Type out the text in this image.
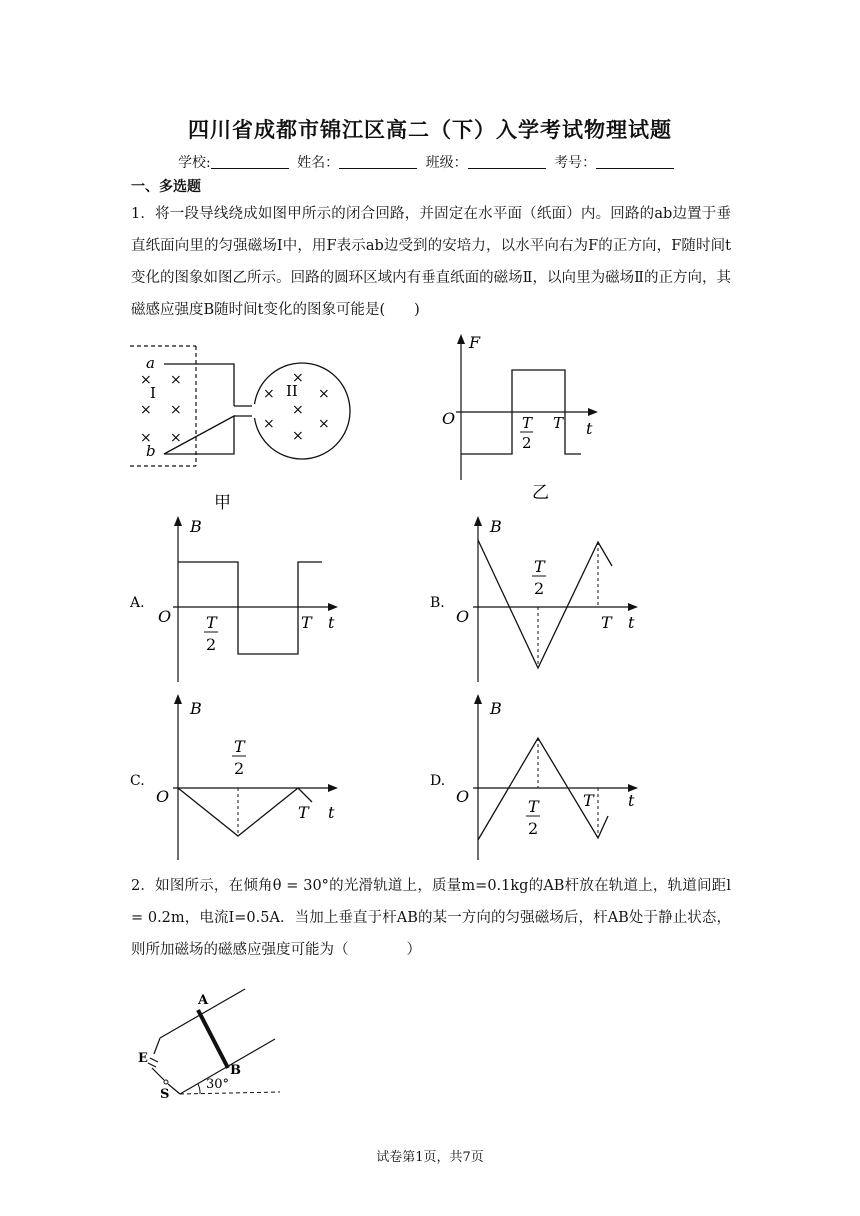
四川省成都市锦江区高二（下）入学考试物理试题
学校:	姓名：	班级：	考号：
一、多选题
1．将一段导线绕成如图甲所示的闭合回路，并固定在水平面（纸面）内。回路的ab边置于垂直纸面向里的匀强磁场Ⅰ中，用F表示ab边受到的安培力，以水平向右为F的正方向，F随时间t变化的图象如图乙所示。回路的圆环区域内有垂直纸面的磁场Ⅱ，以向里为磁场Ⅱ的正方向，其磁感应强度B随时间t变化的图象可能是(　　)
a
b
I	II
×
×
×
×
×
×
×	×
×
×
×	×
×
甲
F
O
t
T
T
2
乙
A.
B
O	t
T
T
2
B.
B
O	t
T
T
2
C.
B
O
t
T
T
2
D.
B
O	t
T
T
2
2．如图所示，在倾角θ = 30°的光滑轨道上，质量m=0.1kg的AB杆放在轨道上，轨道间距l = 0.2m，电流I=0.5A．当加上垂直于杆AB的某一方向的匀强磁场后，杆AB处于静止状态，则所加磁场的磁感应强度可能为（　　　　）
A
B
E
S
30°
试卷第1页，共7页
